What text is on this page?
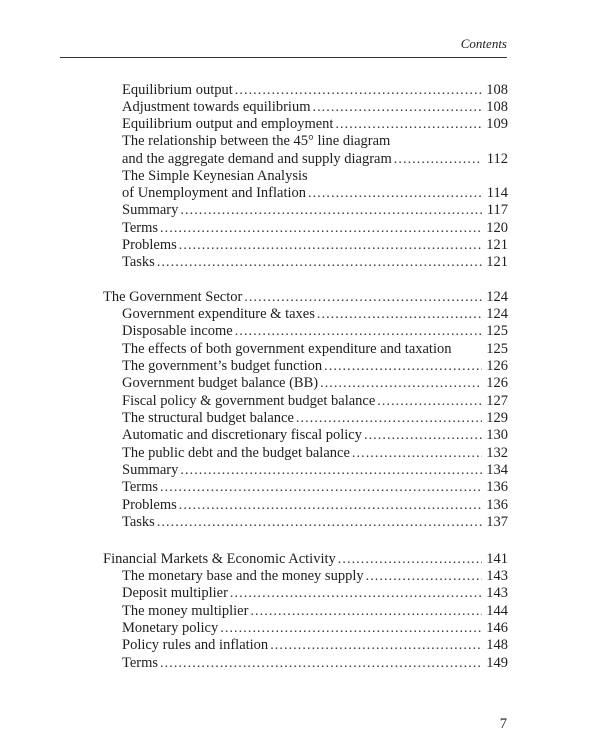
Contents
Equilibrium output .....	108
Adjustment towards equilibrium .....	108
Equilibrium output and employment .....	109
The relationship between the 45° line diagram
and the aggregate demand and supply diagram .....	112
The Simple Keynesian Analysis
of Unemployment and Inflation .....	114
Summary .....	117
Terms .....	120
Problems .....	121
Tasks .....	121
The Government Sector .....	124
Government expenditure & taxes .....	124
Disposable income .....	125
The effects of both government expenditure and taxation 125
The government’s budget function .....	126
Government budget balance (BB) .....	126
Fiscal policy & government budget balance .....	127
The structural budget balance .....	129
Automatic and discretionary fiscal policy .....	130
The public debt and the budget balance .....	132
Summary .....	134
Terms .....	136
Problems .....	136
Tasks .....	137
Financial Markets & Economic Activity .....	141
The monetary base and the money supply .....	143
Deposit multiplier .....	143
The money multiplier .....	144
Monetary policy .....	146
Policy rules and inflation .....	148
Terms .....	149
7
